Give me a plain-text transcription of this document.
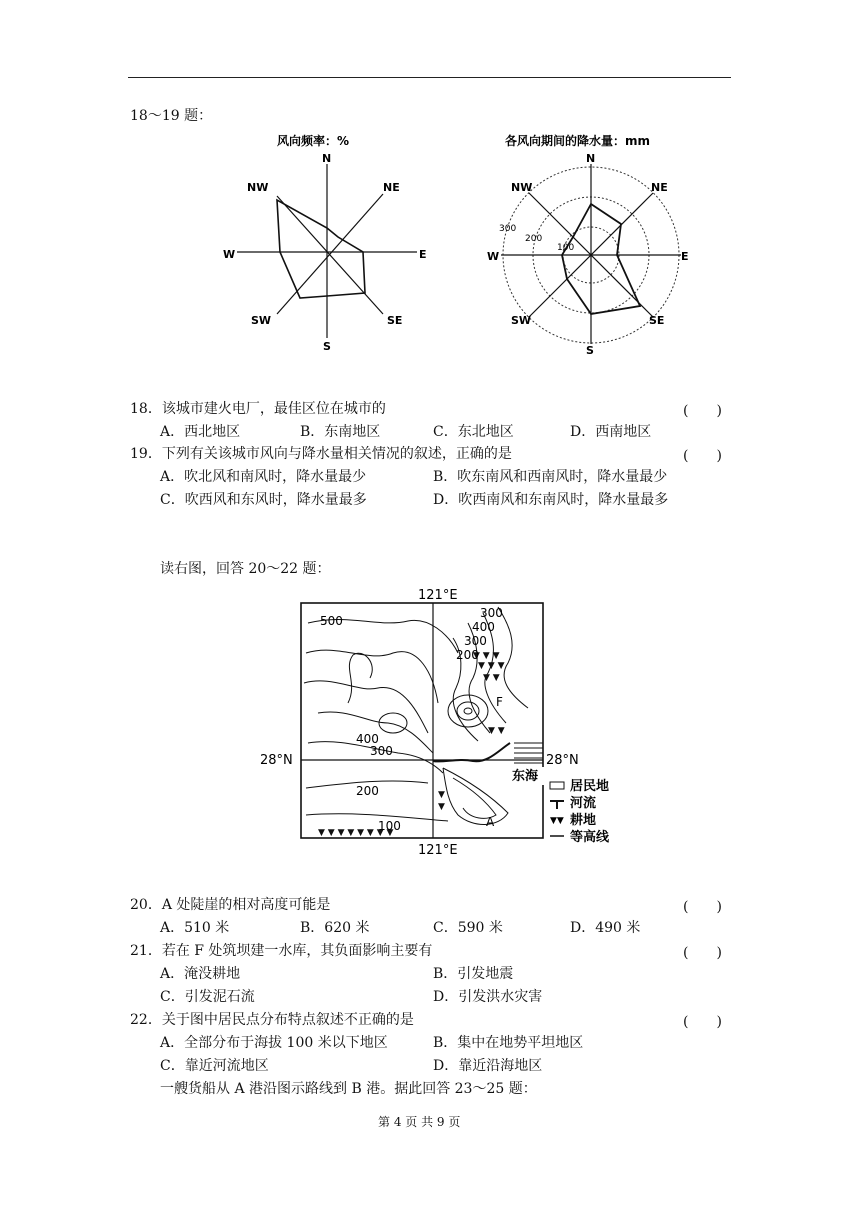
18～19 题：
风向频率：%
N
NE
E
SE
S
SW
W
NW
各风向期间的降水量：mm
N
NE
E
SE
S
SW
W
NW
300
200
100
18．该城市建火电厂，最佳区位在城市的	(　　)
A．西北地区	B．东南地区	C．东北地区	D．西南地区
19．下列有关该城市风向与降水量相关情况的叙述，正确的是	(　　)
A．吹北风和南风时，降水量最少	B．吹东南风和西南风时，降水量最少
C．吹西风和东风时，降水量最多	D．吹西南风和东南风时，降水量最多
读右图，回答 20～22 题：
▼ ▼ ▼
▼ ▼ ▼
▼ ▼
▼ ▼
▼
▼
▼ ▼ ▼ ▼ ▼ ▼ ▼ ▼
500
300
400
300
200
400
300
200
100
121°E
121°E
28°N	28°N
东海
A
F
居民地
河流
▼▼ 耕地
等高线
20．A 处陡崖的相对高度可能是	(　　)
A．510 米	B．620 米	C．590 米	D．490 米
21．若在 F 处筑坝建一水库，其负面影响主要有	(　　)
A．淹没耕地	B．引发地震
C．引发泥石流	D．引发洪水灾害
22．关于图中居民点分布特点叙述不正确的是	(　　)
A．全部分布于海拔 100 米以下地区	B．集中在地势平坦地区
C．靠近河流地区	D．靠近沿海地区
一艘货船从 A 港沿图示路线到 B 港。据此回答 23～25 题：
第 4 页 共 9 页
